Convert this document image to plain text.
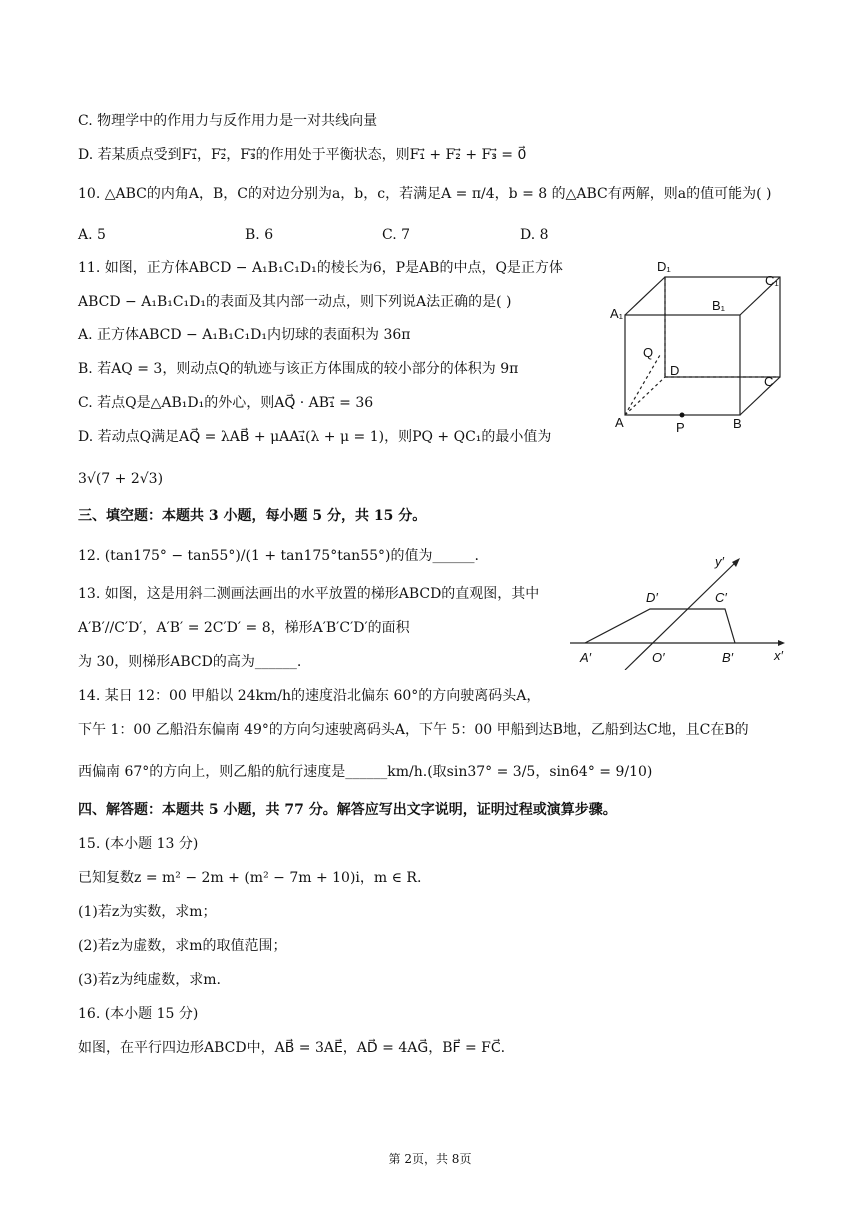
C. 物理学中的作用力与反作用力是一对共线向量
D. 若某质点受到F₁⃗，F₂⃗，F₃⃗的作用处于平衡状态，则F₁⃗ + F₂⃗ + F₃⃗ = 0⃗
10. △ABC的内角A，B，C的对边分别为a，b，c，若满足A = π/4，b = 8 的△ABC有两解，则a的值可能为( )
A. 5	B. 6	C. 7	D. 8
11. 如图，正方体ABCD − A₁B₁C₁D₁的棱长为6，P是AB的中点，Q是正方体
ABCD − A₁B₁C₁D₁的表面及其内部一动点，则下列说A法正确的是( )
A. 正方体ABCD − A₁B₁C₁D₁内切球的表面积为 36π
B. 若AQ = 3，则动点Q的轨迹与该正方体围成的较小部分的体积为 9π
C. 若点Q是△AB₁D₁的外心，则AQ⃗ · AB₁⃗ = 36
D. 若动点Q满足AQ⃗ = λAB⃗ + μAA₁⃗(λ + μ = 1)，则PQ + QC₁的最小值为
3√(7 + 2√3)
三、填空题：本题共 3 小题，每小题 5 分，共 15 分。
12. (tan175° − tan55°)/(1 + tan175°tan55°)的值为______.
13. 如图，这是用斜二测画法画出的水平放置的梯形ABCD的直观图，其中
A′B′//C′D′，A′B′ = 2C′D′ = 8，梯形A′B′C′D′的面积
为 30，则梯形ABCD的高为______.
14. 某日 12：00 甲船以 24km/h的速度沿北偏东 60°的方向驶离码头A，
下午 1：00 乙船沿东偏南 49°的方向匀速驶离码头A，下午 5：00 甲船到达B地，乙船到达C地，且C在B的
西偏南 67°的方向上，则乙船的航行速度是______km/h.(取sin37° = 3/5，sin64° = 9/10)
四、解答题：本题共 5 小题，共 77 分。解答应写出文字说明，证明过程或演算步骤。
15. (本小题 13 分)
已知复数z = m² − 2m + (m² − 7m + 10)i，m ∈ R.
(1)若z为实数，求m；
(2)若z为虚数，求m的取值范围；
(3)若z为纯虚数，求m.
16. (本小题 15 分)
如图，在平行四边形ABCD中，AB⃗ = 3AE⃗，AD⃗ = 4AG⃗，BF⃗ = FC⃗.
A₁
B₁
C₁
D₁
A	B
C
D
P
Q
A′	B′
C′
D′
O′	x′
y′
第 2页，共 8页
